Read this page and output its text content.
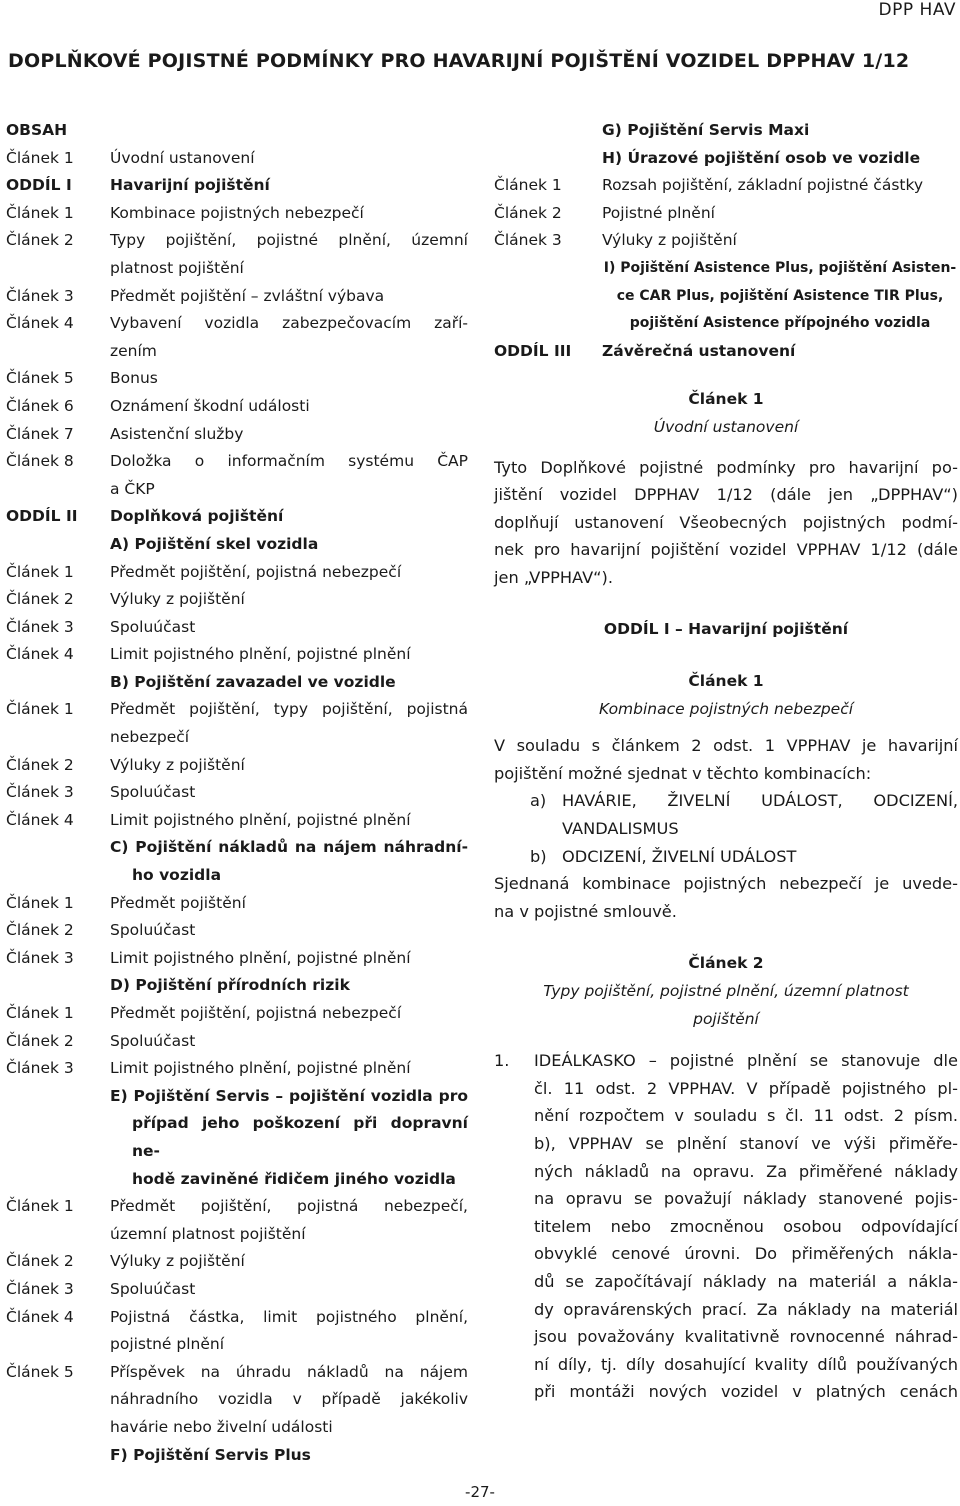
DPP HAV
DOPLŇKOVÉ POJISTNÉ PODMÍNKY PRO HAVARIJNÍ POJIŠTĚNÍ VOZIDEL DPPHAV 1/12
OBSAH
Článek 1	Úvodní ustanovení
ODDÍL I	Havarijní pojištění
Článek 1	Kombinace pojistných nebezpečí
Článek 2	Typy pojištění, pojistné plnění, územní
platnost pojištění
Článek 3	Předmět pojištění – zvláštní výbava
Článek 4	Vybavení vozidla zabezpečovacím zaří-
zením
Článek 5	Bonus
Článek 6	Oznámení škodní události
Článek 7	Asistenční služby
Článek 8	Doložka o informačním systému ČAP
a ČKP
ODDÍL II	Doplňková pojištění
A) Pojištění skel vozidla
Článek 1	Předmět pojištění, pojistná nebezpečí
Článek 2	Výluky z pojištění
Článek 3	Spoluúčast
Článek 4	Limit pojistného plnění, pojistné plnění
B) Pojištění zavazadel ve vozidle
Článek 1	Předmět pojištění, typy pojištění, pojistná
nebezpečí
Článek 2	Výluky z pojištění
Článek 3	Spoluúčast
Článek 4	Limit pojistného plnění, pojistné plnění
C) Pojištění nákladů na nájem náhradní-
ho vozidla
Článek 1	Předmět pojištění
Článek 2	Spoluúčast
Článek 3	Limit pojistného plnění, pojistné plnění
D) Pojištění přírodních rizik
Článek 1	Předmět pojištění, pojistná nebezpečí
Článek 2	Spoluúčast
Článek 3	Limit pojistného plnění, pojistné plnění
E) Pojištění Servis – pojištění vozidla pro
případ jeho poškození při dopravní ne-
hodě zaviněné řidičem jiného vozidla
Článek 1	Předmět pojištění, pojistná nebezpečí,
územní platnost pojištění
Článek 2	Výluky z pojištění
Článek 3	Spoluúčast
Článek 4	Pojistná částka, limit pojistného plnění,
pojistné plnění
Článek 5	Příspěvek na úhradu nákladů na nájem
náhradního vozidla v případě jakékoliv
havárie nebo živelní události
F) Pojištění Servis Plus
G) Pojištění Servis Maxi
H) Úrazové pojištění osob ve vozidle
Článek 1	Rozsah pojištění, základní pojistné částky
Článek 2	Pojistné plnění
Článek 3	Výluky z pojištění
I) Pojištění Asistence Plus, pojištění Asisten-
ce CAR Plus, pojištění Asistence TIR Plus,
pojištění Asistence přípojného vozidla
ODDÍL III	Závěrečná ustanovení
Článek 1
Úvodní ustanovení
Tyto Doplňkové pojistné podmínky pro havarijní po-
jištění vozidel DPPHAV 1/12 (dále jen „DPPHAV“)
doplňují ustanovení Všeobecných pojistných podmí-
nek pro havarijní pojištění vozidel VPPHAV 1/12 (dále
jen „VPPHAV“).
ODDÍL I – Havarijní pojištění
Článek 1
Kombinace pojistných nebezpečí
V souladu s článkem 2 odst. 1 VPPHAV je havarijní
pojištění možné sjednat v těchto kombinacích:
a) HAVÁRIE, ŽIVELNÍ UDÁLOST, ODCIZENÍ,
VANDALISMUS
b) ODCIZENÍ, ŽIVELNÍ UDÁLOST
Sjednaná kombinace pojistných nebezpečí je uvede-
na v pojistné smlouvě.
Článek 2
Typy pojištění, pojistné plnění, územní platnost
pojištění
1.	IDEÁLKASKO – pojistné plnění se stanovuje dle
čl. 11 odst. 2 VPPHAV. V případě pojistného pl-
nění rozpočtem v souladu s čl. 11 odst. 2 písm.
b), VPPHAV se plnění stanoví ve výši přiměře-
ných nákladů na opravu. Za přiměřené náklady
na opravu se považují náklady stanovené pojis-
titelem nebo zmocněnou osobou odpovídající
obvyklé cenové úrovni. Do přiměřených nákla-
dů se započítávají náklady na materiál a nákla-
dy opravárenských prací. Za náklady na materiál
jsou považovány kvalitativně rovnocenné náhrad-
ní díly, tj. díly dosahující kvality dílů používaných
při montáži nových vozidel v platných cenách
-27-
